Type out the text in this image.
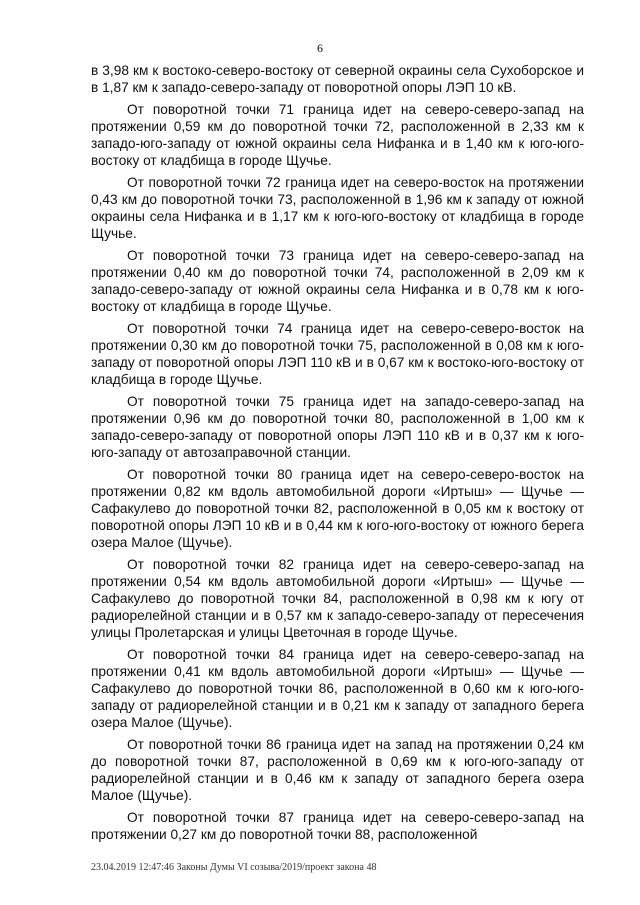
6

в 3,98 км к востоко-северо-востоку от северной окраины села Сухоборское и в 1,87 км к западо-северо-западу от поворотной опоры ЛЭП 10 кВ.

От поворотной точки 71 граница идет на северо-северо-запад на протяжении 0,59 км до поворотной точки 72, расположенной в 2,33 км к западо-юго-западу от южной окраины села Нифанка и в 1,40 км к юго-юго-востоку от кладбища в городе Щучье.

От поворотной точки 72 граница идет на северо-восток на протяжении 0,43 км до поворотной точки 73, расположенной в 1,96 км к западу от южной окраины села Нифанка и в 1,17 км к юго-юго-востоку от кладбища в городе Щучье.

От поворотной точки 73 граница идет на северо-северо-запад на протяжении 0,40 км до поворотной точки 74, расположенной в 2,09 км к западо-северо-западу от южной окраины села Нифанка и в 0,78 км к юго-востоку от кладбища в городе Щучье.

От поворотной точки 74 граница идет на северо-северо-восток на протяжении 0,30 км до поворотной точки 75, расположенной в 0,08 км к юго-западу от поворотной опоры ЛЭП 110 кВ и в 0,67 км к востоко-юго-востоку от кладбища в городе Щучье.

От поворотной точки 75 граница идет на западо-северо-запад на протяжении 0,96 км до поворотной точки 80, расположенной в 1,00 км к западо-северо-западу от поворотной опоры ЛЭП 110 кВ и в 0,37 км к юго-юго-западу от автозаправочной станции.

От поворотной точки 80 граница идет на северо-северо-восток на протяжении 0,82 км вдоль автомобильной дороги «Иртыш» — Щучье — Сафакулево до поворотной точки 82, расположенной в 0,05 км к востоку от поворотной опоры ЛЭП 10 кВ и в 0,44 км к юго-юго-востоку от южного берега озера Малое (Щучье).

От поворотной точки 82 граница идет на северо-северо-запад на протяжении 0,54 км вдоль автомобильной дороги «Иртыш» — Щучье — Сафакулево до поворотной точки 84, расположенной в 0,98 км к югу от радиорелейной станции и в 0,57 км к западо-северо-западу от пересечения улицы Пролетарская и улицы Цветочная в городе Щучье.

От поворотной точки 84 граница идет на северо-северо-запад на протяжении 0,41 км вдоль автомобильной дороги «Иртыш» — Щучье — Сафакулево до поворотной точки 86, расположенной в 0,60 км к юго-юго-западу от радиорелейной станции и в 0,21 км к западу от западного берега озера Малое (Щучье).

От поворотной точки 86 граница идет на запад на протяжении 0,24 км до поворотной точки 87, расположенной в 0,69 км к юго-юго-западу от радиорелейной станции и в 0,46 км к западу от западного берега озера Малое (Щучье).

От поворотной точки 87 граница идет на северо-северо-запад на протяжении 0,27 км до поворотной точки 88, расположенной

23.04.2019 12:47:46 Законы Думы VI созыва/2019/проект закона 48
